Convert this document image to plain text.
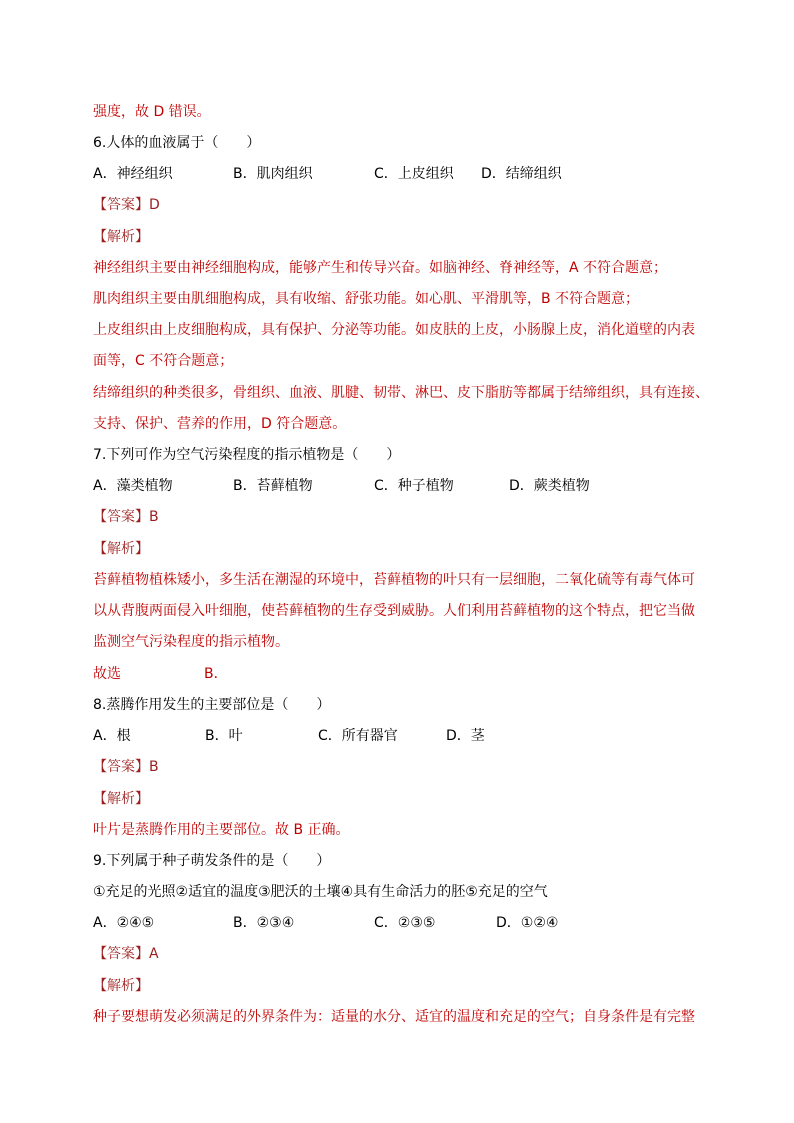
强度，故 D 错误。
6.人体的血液属于（　　）
A．神经组织	B．肌肉组织	C．上皮组织 D．结缔组织
【答案】D
【解析】
神经组织主要由神经细胞构成，能够产生和传导兴奋。如脑神经、脊神经等，A 不符合题意；
肌肉组织主要由肌细胞构成，具有收缩、舒张功能。如心肌、平滑肌等，B 不符合题意；
上皮组织由上皮细胞构成，具有保护、分泌等功能。如皮肤的上皮，小肠腺上皮，消化道壁的内表
面等，C 不符合题意；
结缔组织的种类很多，骨组织、血液、肌腱、韧带、淋巴、皮下脂肪等都属于结缔组织，具有连接、
支持、保护、营养的作用，D 符合题意。
7.下列可作为空气污染程度的指示植物是（　　）
A．藻类植物	B．苔藓植物	C．种子植物	D．蕨类植物
【答案】B
【解析】
苔藓植物植株矮小，多生活在潮湿的环境中，苔藓植物的叶只有一层细胞，二氧化硫等有毒气体可
以从背腹两面侵入叶细胞，使苔藓植物的生存受到威胁。人们利用苔藓植物的这个特点，把它当做
监测空气污染程度的指示植物。
故选	B．
8.蒸腾作用发生的主要部位是（　　）
A．根	B．叶	C．所有器官	D．茎
【答案】B
【解析】
叶片是蒸腾作用的主要部位。故 B 正确。
9.下列属于种子萌发条件的是（　　）
①充足的光照②适宜的温度③肥沃的土壤④具有生命活力的胚⑤充足的空气
A．②④⑤	B．②③④	C．②③⑤	D．①②④
【答案】A
【解析】
种子要想萌发必须满足的外界条件为：适量的水分、适宜的温度和充足的空气；自身条件是有完整
